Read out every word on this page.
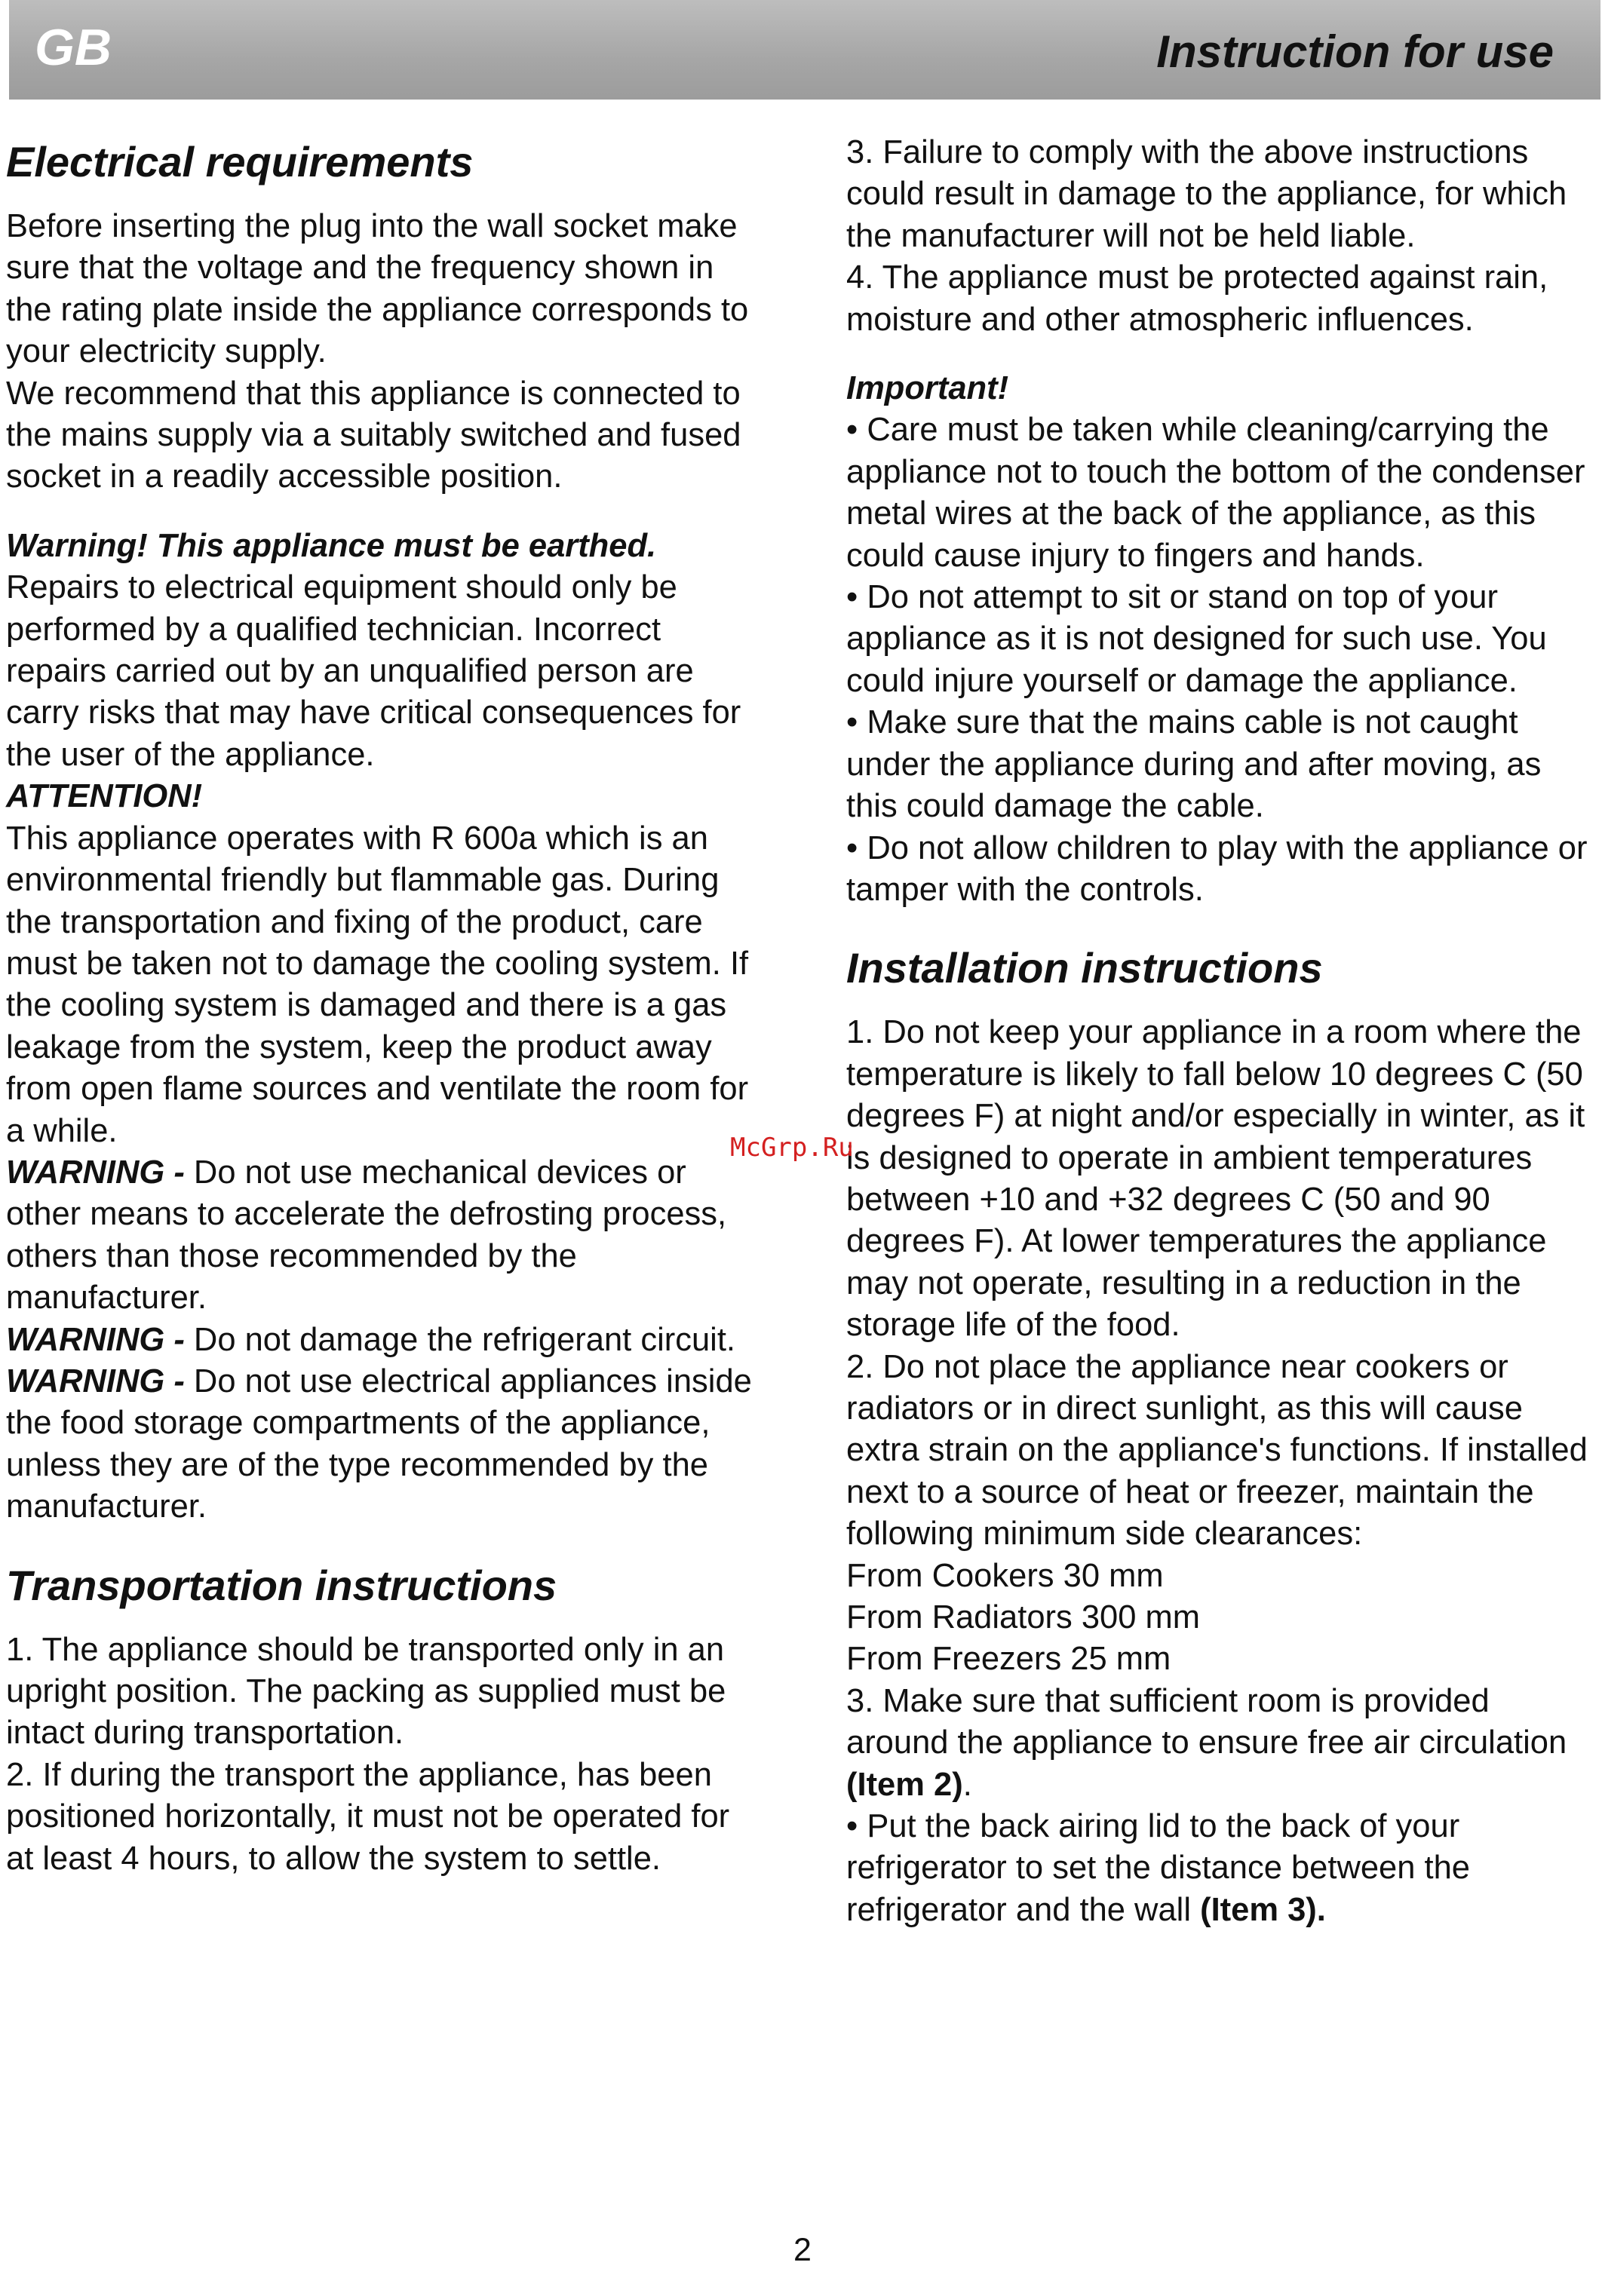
GB	Instruction for use
Electrical requirements

Before inserting the plug into the wall socket make sure that the voltage and the frequency shown in the rating plate inside the appliance corresponds to your electricity supply.

We recommend that this appliance is connected to the mains supply via a suitably switched and fused socket in a readily accessible position.

Warning! This appliance must be earthed.

Repairs to electrical equipment should only be performed by a qualified technician. Incorrect repairs carried out by an unqualified person are carry risks that may have critical consequences for the user of the appliance.

ATTENTION!

This appliance operates with R 600a which is an environmental friendly but flammable gas. During the transportation and fixing of the product, care must be taken not to damage the cooling system. If the cooling system is damaged and there is a gas leakage from the system, keep the product away from open flame sources and ventilate the room for a while.

WARNING - Do not use mechanical devices or other means to accelerate the defrosting process, others than those recommended by the manufacturer.

WARNING - Do not damage the refrigerant circuit.

WARNING - Do not use electrical appliances inside the food storage compartments of the appliance, unless they are of the type recommended by the manufacturer.

Transportation instructions

1. The appliance should be transported only in an upright position. The packing as supplied must be intact during transportation.

2. If during the transport the appliance, has been positioned horizontally, it must not be operated for at least 4 hours, to allow the system to settle.

3. Failure to comply with the above instructions could result in damage to the appliance, for which the manufacturer will not be held liable.

4. The appliance must be protected against rain, moisture and other atmospheric influences.

Important!

• Care must be taken while cleaning/carrying the appliance not to touch the bottom of the condenser metal wires at the back of the appliance, as this could cause injury to fingers and hands.

• Do not attempt to sit or stand on top of your appliance as it is not designed for such use. You could injure yourself or damage the appliance.

• Make sure that the mains cable is not caught under the appliance during and after moving, as this could damage the cable.

• Do not allow children to play with the appliance or tamper with the controls.

Installation instructions

1. Do not keep your appliance in a room where the temperature is likely to fall below 10 degrees C (50 degrees F) at night and/or especially in winter, as it is designed to operate in ambient temperatures between +10 and +32 degrees C (50 and 90 degrees F). At lower temperatures the appliance may not operate, resulting in a reduction in the storage life of the food.

2. Do not place the appliance near cookers or radiators or in direct sunlight, as this will cause extra strain on the appliance's functions. If installed next to a source of heat or freezer, maintain the following minimum side clearances:

From Cookers 30 mm

From Radiators 300 mm

From Freezers 25 mm

3. Make sure that sufficient room is provided around the appliance to ensure free air circulation (Item 2).

• Put the back airing lid to the back of your refrigerator to set the distance between the refrigerator and the wall (Item 3).

McGrp.Ru
2
